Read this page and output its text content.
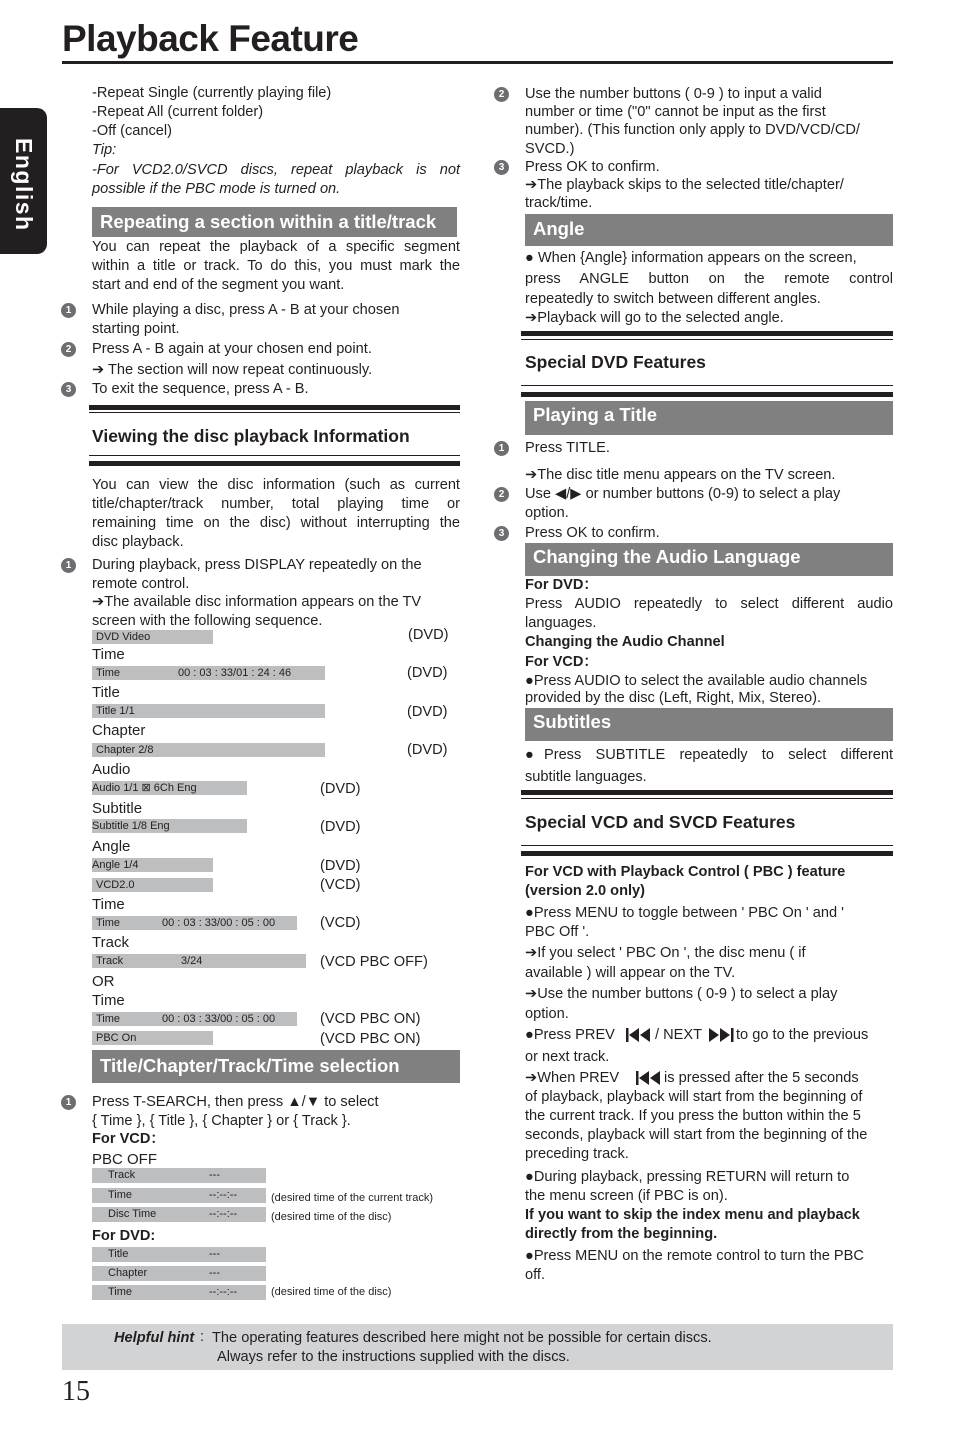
Playback Feature
English
-Repeat Single (currently playing file)
-Repeat All (current folder)
-Off (cancel)
Tip:
-For VCD2.0/SVCD discs, repeat playback is not
possible if the PBC mode is turned on.
Repeating a section within a title/track
You can repeat the playback of a specific segment
within a title or track. To do this, you must mark the
start and end of the segment you want.
1	While playing a disc, press A - B at your chosen
starting point.
2	Press A - B again at your chosen end point.
➔ The section will now repeat continuously.
3	To exit the sequence, press A - B.
Viewing the disc playback Information
You can view the disc information (such as current
title/chapter/track number, total playing time or
remaining time on the disc) without interrupting the
disc playback.
1	During playback, press DISPLAY repeatedly on the
remote control.
➔The available disc information appears on the TV
screen with the following sequence.
DVD Video	(DVD)
Time
Time	00 : 03 : 33/01 : 24 : 46	(DVD)
Title
Title 1/1	(DVD)
Chapter
Chapter 2/8	(DVD)
Audio
Audio 1/1 ⊠ 6Ch Eng	(DVD)
Subtitle
Subtitle 1/8 Eng	(DVD)
Angle
Angle 1/4	(DVD)
VCD2.0	(VCD)
Time
Time	00 : 03 : 33/00 : 05 : 00	(VCD)
Track
Track	3/24	(VCD PBC OFF)
OR
Time
Time	00 : 03 : 33/00 : 05 : 00	(VCD PBC ON)
PBC On	(VCD PBC ON)
Title/Chapter/Track/Time selection
1	Press T-SEARCH, then press ▲/▼ to select
{ Time }, { Title }, { Chapter } or { Track }.
For VCD：
PBC OFF
Track	---
Time	--:--:--	(desired time of the current track)
Disc Time	--:--:--	(desired time of the disc)
For DVD:
Title	---
Chapter	---
Time	--:--:--	(desired time of the disc)
2	Use the number buttons ( 0-9 ) to input a valid
number or time ("0" cannot be input as the first
number). (This function only apply to DVD/VCD/CD/
SVCD.)
3	Press OK to confirm.
➔The playback skips to the selected title/chapter/
track/time.
Angle
● When {Angle} information appears on the screen,
press ANGLE button on the remote control
repeatedly to switch between different angles.
➔Playback will go to the selected angle.
Special DVD Features
Playing a Title
1	Press TITLE.
➔The disc title menu appears on the TV screen.
2	Use ◀/▶ or number buttons (0-9) to select a play
option.
3	Press OK to confirm.
Changing the Audio Language
For DVD：
Press AUDIO repeatedly to select different audio
languages.
Changing the Audio Channel
For VCD：
●Press AUDIO to select the available audio channels
provided by the disc (Left, Right, Mix, Stereo).
Subtitles
●Press SUBTITLE repeatedly to select different
subtitle languages.
Special VCD and SVCD Features
For VCD with Playback Control ( PBC ) feature
(version 2.0 only)
●Press MENU to toggle between ' PBC On ' and '
PBC Off '.
➔If you select ' PBC On ', the disc menu ( if
available ) will appear on the TV.
➔Use the number buttons ( 0-9 ) to select a play
option.
●Press PREV	/ NEXT to go to the previous
or next track.
➔When PREV	is pressed after the 5 seconds
of playback, playback will start from the beginning of
the current track. If you press the button within the 5
seconds, playback will start from the beginning of the
preceding track.
●During playback, pressing RETURN will return to
the menu screen (if PBC is on).
If you want to skip the index menu and playback
directly from the beginning.
●Press MENU on the remote control to turn the PBC
off.
Helpful hint : The operating features described here might not be possible for certain discs.
Always refer to the instructions supplied with the discs.
15
